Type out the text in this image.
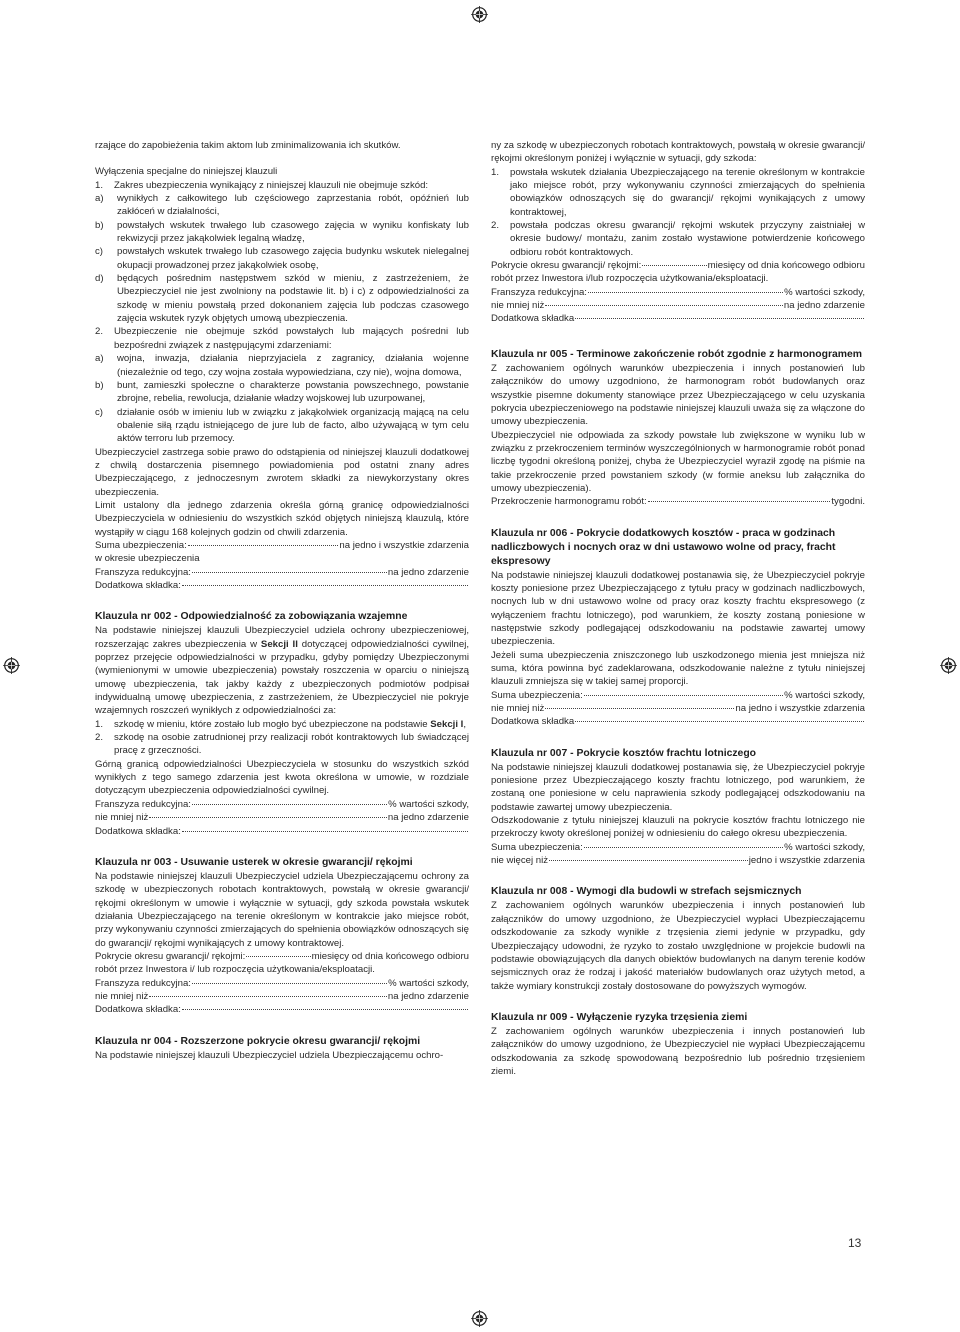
rzające do zapobieżenia takim aktom lub zminimalizowania ich skutków.

Wyłączenia specjalne do niniejszej klauzuli

1.	Zakres ubezpieczenia wynikający z niniejszej klauzuli nie obejmuje szkód:
a)	wynikłych z całkowitego lub częściowego zaprzestania robót, opóźnień lub zakłóceń w działalności,
b)	powstałych wskutek trwałego lub czasowego zajęcia w wyniku konfiskaty lub rekwizycji przez jakąkolwiek legalną władzę,
c)	powstałych wskutek trwałego lub czasowego zajęcia budynku wskutek nielegalnej okupacji prowadzonej przez jakąkolwiek osobę,
d)	będących pośrednim następstwem szkód w mieniu, z zastrzeżeniem, że Ubezpieczyciel nie jest zwolniony na podstawie lit. b) i c) z odpowiedzialności za szkodę w mieniu powstałą przed dokonaniem zajęcia lub podczas czasowego zajęcia wskutek ryzyk objętych umową ubezpieczenia.
2.	Ubezpieczenie nie obejmuje szkód powstałych lub mających pośredni lub bezpośredni związek z następującymi zdarzeniami:
a)	wojna, inwazja, działania nieprzyjaciela z zagranicy, działania wojenne (niezależnie od tego, czy wojna została wypowiedziana, czy nie), wojna domowa,
b)	bunt, zamieszki społeczne o charakterze powstania powszechnego, powstanie zbrojne, rebelia, rewolucja, działanie władzy wojskowej lub uzurpowanej,
c)	działanie osób w imieniu lub w związku z jakąkolwiek organizacją mającą na celu obalenie siłą rządu istniejącego de jure lub de facto, albo używającą w tym celu aktów terroru lub przemocy.

Ubezpieczyciel zastrzega sobie prawo do odstąpienia od niniejszej klauzuli dodatkowej z chwilą dostarczenia pisemnego powiadomienia pod ostatni znany adres Ubezpieczającego, z jednoczesnym zwrotem składki za niewykorzystany okres ubezpieczenia.

Limit ustalony dla jednego zdarzenia określa górną granicę odpowiedzialności Ubezpieczyciela w odniesieniu do wszystkich szkód objętych niniejszą klauzulą, które wystąpiły w ciągu 168 kolejnych godzin od chwili zdarzenia.

Suma ubezpieczenia:	na jedno i wszystkie zdarzenia

w okresie ubezpieczenia

Franszyza redukcyjna:	na jedno zdarzenie
Dodatkowa składka:
Klauzula nr 002 - Odpowiedzialność za zobowiązania wzajemne

Na podstawie niniejszej klauzuli Ubezpieczyciel udziela ochrony ubezpieczeniowej, rozszerzając zakres ubezpieczenia w Sekcji II dotyczącej odpowiedzialności cywilnej, poprzez przejęcie odpowiedzialności w przypadku, gdyby pomiędzy Ubezpieczonymi (wymienionymi w umowie ubezpieczenia) powstały roszczenia w oparciu o niniejszą umowę ubezpieczenia, tak jakby każdy z ubezpieczonych podmiotów podpisał indywidualną umowę ubezpieczenia, z zastrzeżeniem, że Ubezpieczyciel nie pokryje wzajemnych roszczeń wynikłych z odpowiedzialności za:

1.	szkodę w mieniu, które zostało lub mogło być ubezpieczone na podstawie Sekcji I,
2.	szkodę na osobie zatrudnionej przy realizacji robót kontraktowych lub świadczącej pracę z grzeczności.

Górną granicą odpowiedzialności Ubezpieczyciela w stosunku do wszystkich szkód wynikłych z tego samego zdarzenia jest kwota określona w umowie, w rozdziale dotyczącym ubezpieczenia odpowiedzialności cywilnej.

Franszyza redukcyjna:	% wartości szkody,
nie mniej niż	na jedno zdarzenie
Dodatkowa składka:
Klauzula nr 003 - Usuwanie usterek w okresie gwarancji/ rękojmi

Na podstawie niniejszej klauzuli Ubezpieczyciel udziela Ubezpieczającemu ochrony za szkodę w ubezpieczonych robotach kontraktowych, powstałą w okresie gwarancji/ rękojmi określonym w umowie i wyłącznie w sytuacji, gdy szkoda powstała wskutek działania Ubezpieczającego na terenie określonym w kontrakcie jako miejsce robót, przy wykonywaniu czynności zmierzających do spełnienia obowiązków odnoszących się do gwarancji/ rękojmi wynikających z umowy kontraktowej.

Pokrycie okresu gwarancji/ rękojmi:	miesięcy od dnia końcowego odbioru

robót przez Inwestora i/ lub rozpoczęcia użytkowania/eksploatacji.

Franszyza redukcyjna:	% wartości szkody,
nie mniej niż	na jedno zdarzenie
Dodatkowa składka:
Klauzula nr 004 - Rozszerzone pokrycie okresu gwarancji/ rękojmi

Na podstawie niniejszej klauzuli Ubezpieczyciel udziela Ubezpieczającemu ochro-

ny za szkodę w ubezpieczonych robotach kontraktowych, powstałą w okresie gwarancji/ rękojmi określonym poniżej i wyłącznie w sytuacji, gdy szkoda:

1.	powstała wskutek działania Ubezpieczającego na terenie określonym w kontrakcie jako miejsce robót, przy wykonywaniu czynności zmierzających do spełnienia obowiązków odnoszących się do gwarancji/ rękojmi wynikających z umowy kontraktowej,
2.	powstała podczas okresu gwarancji/ rękojmi wskutek przyczyny zaistniałej w okresie budowy/ montażu, zanim zostało wystawione potwierdzenie końcowego odbioru robót kontraktowych.
Pokrycie okresu gwarancji/ rękojmi:	miesięcy od dnia końcowego odbioru

robót przez Inwestora i/lub rozpoczęcia użytkowania/eksploatacji.

Franszyza redukcyjna:	% wartości szkody,
nie mniej niż	na jedno zdarzenie
Dodatkowa składka
Klauzula nr 005 - Terminowe zakończenie robót zgodnie z harmonogramem

Z zachowaniem ogólnych warunków ubezpieczenia i innych postanowień lub załączników do umowy uzgodniono, że harmonogram robót budowlanych oraz wszystkie pisemne dokumenty stanowiące przez Ubezpieczającego w celu uzyskania pokrycia ubezpieczeniowego na podstawie niniejszej klauzuli uważa się za włączone do umowy ubezpieczenia.

Ubezpieczyciel nie odpowiada za szkody powstałe lub zwiększone w wyniku lub w związku z przekroczeniem terminów wyszczególnionych w harmonogramie robót ponad liczbę tygodni określoną poniżej, chyba że Ubezpieczyciel wyraził zgodę na piśmie na takie przekroczenie przed powstaniem szkody (w formie aneksu lub załącznika do umowy ubezpieczenia).

Przekroczenie harmonogramu robót:	tygodni.
Klauzula nr 006 - Pokrycie dodatkowych kosztów - praca w godzinach nadliczbowych i nocnych oraz w dni ustawowo wolne od pracy, fracht ekspresowy

Na podstawie niniejszej klauzuli dodatkowej postanawia się, że Ubezpieczyciel pokryje koszty poniesione przez Ubezpieczającego z tytułu pracy w godzinach nadliczbowych, nocnych lub w dni ustawowo wolne od pracy oraz koszty frachtu ekspresowego (z wyłączeniem frachtu lotniczego), pod warunkiem, że koszty zostaną poniesione w następstwie szkody podlegającej odszkodowaniu na podstawie zawartej umowy ubezpieczenia.

Jeżeli suma ubezpieczenia zniszczonego lub uszkodzonego mienia jest mniejsza niż suma, która powinna być zadeklarowana, odszkodowanie należne z tytułu niniejszej klauzuli zmniejsza się w takiej samej proporcji.

Suma ubezpieczenia:	% wartości szkody,
nie mniej niż	na jedno i wszystkie zdarzenia
Dodatkowa składka
Klauzula nr 007 - Pokrycie kosztów frachtu lotniczego

Na podstawie niniejszej klauzuli dodatkowej postanawia się, że Ubezpieczyciel pokryje poniesione przez Ubezpieczającego koszty frachtu lotniczego, pod warunkiem, że zostaną one poniesione w celu naprawienia szkody podlegającej odszkodowaniu na podstawie zawartej umowy ubezpieczenia.

Odszkodowanie z tytułu niniejszej klauzuli na pokrycie kosztów frachtu lotniczego nie przekroczy kwoty określonej poniżej w odniesieniu do całego okresu ubezpieczenia.

Suma ubezpieczenia:	% wartości szkody,
nie więcej niż	jedno i wszystkie zdarzenia
Klauzula nr 008 - Wymogi dla budowli w strefach sejsmicznych

Z zachowaniem ogólnych warunków ubezpieczenia i innych postanowień lub załączników do umowy uzgodniono, że Ubezpieczyciel wypłaci Ubezpieczającemu odszkodowanie za szkody wynikłe z trzęsienia ziemi jedynie w przypadku, gdy Ubezpieczający udowodni, że ryzyko to zostało uwzględnione w projekcie budowli na podstawie obowiązujących dla danych obiektów budowlanych na danym terenie kodów sejsmicznych oraz że rodzaj i jakość materiałów budowlanych oraz użytych metod, a także wymiary konstrukcji zostały dostosowane do powyższych wymogów.

Klauzula nr 009 - Wyłączenie ryzyka trzęsienia ziemi

Z zachowaniem ogólnych warunków ubezpieczenia i innych postanowień lub załączników do umowy uzgodniono, że Ubezpieczyciel nie wypłaci Ubezpieczającemu odszkodowania za szkodę spowodowaną bezpośrednio lub pośrednio trzęsieniem ziemi.

13
